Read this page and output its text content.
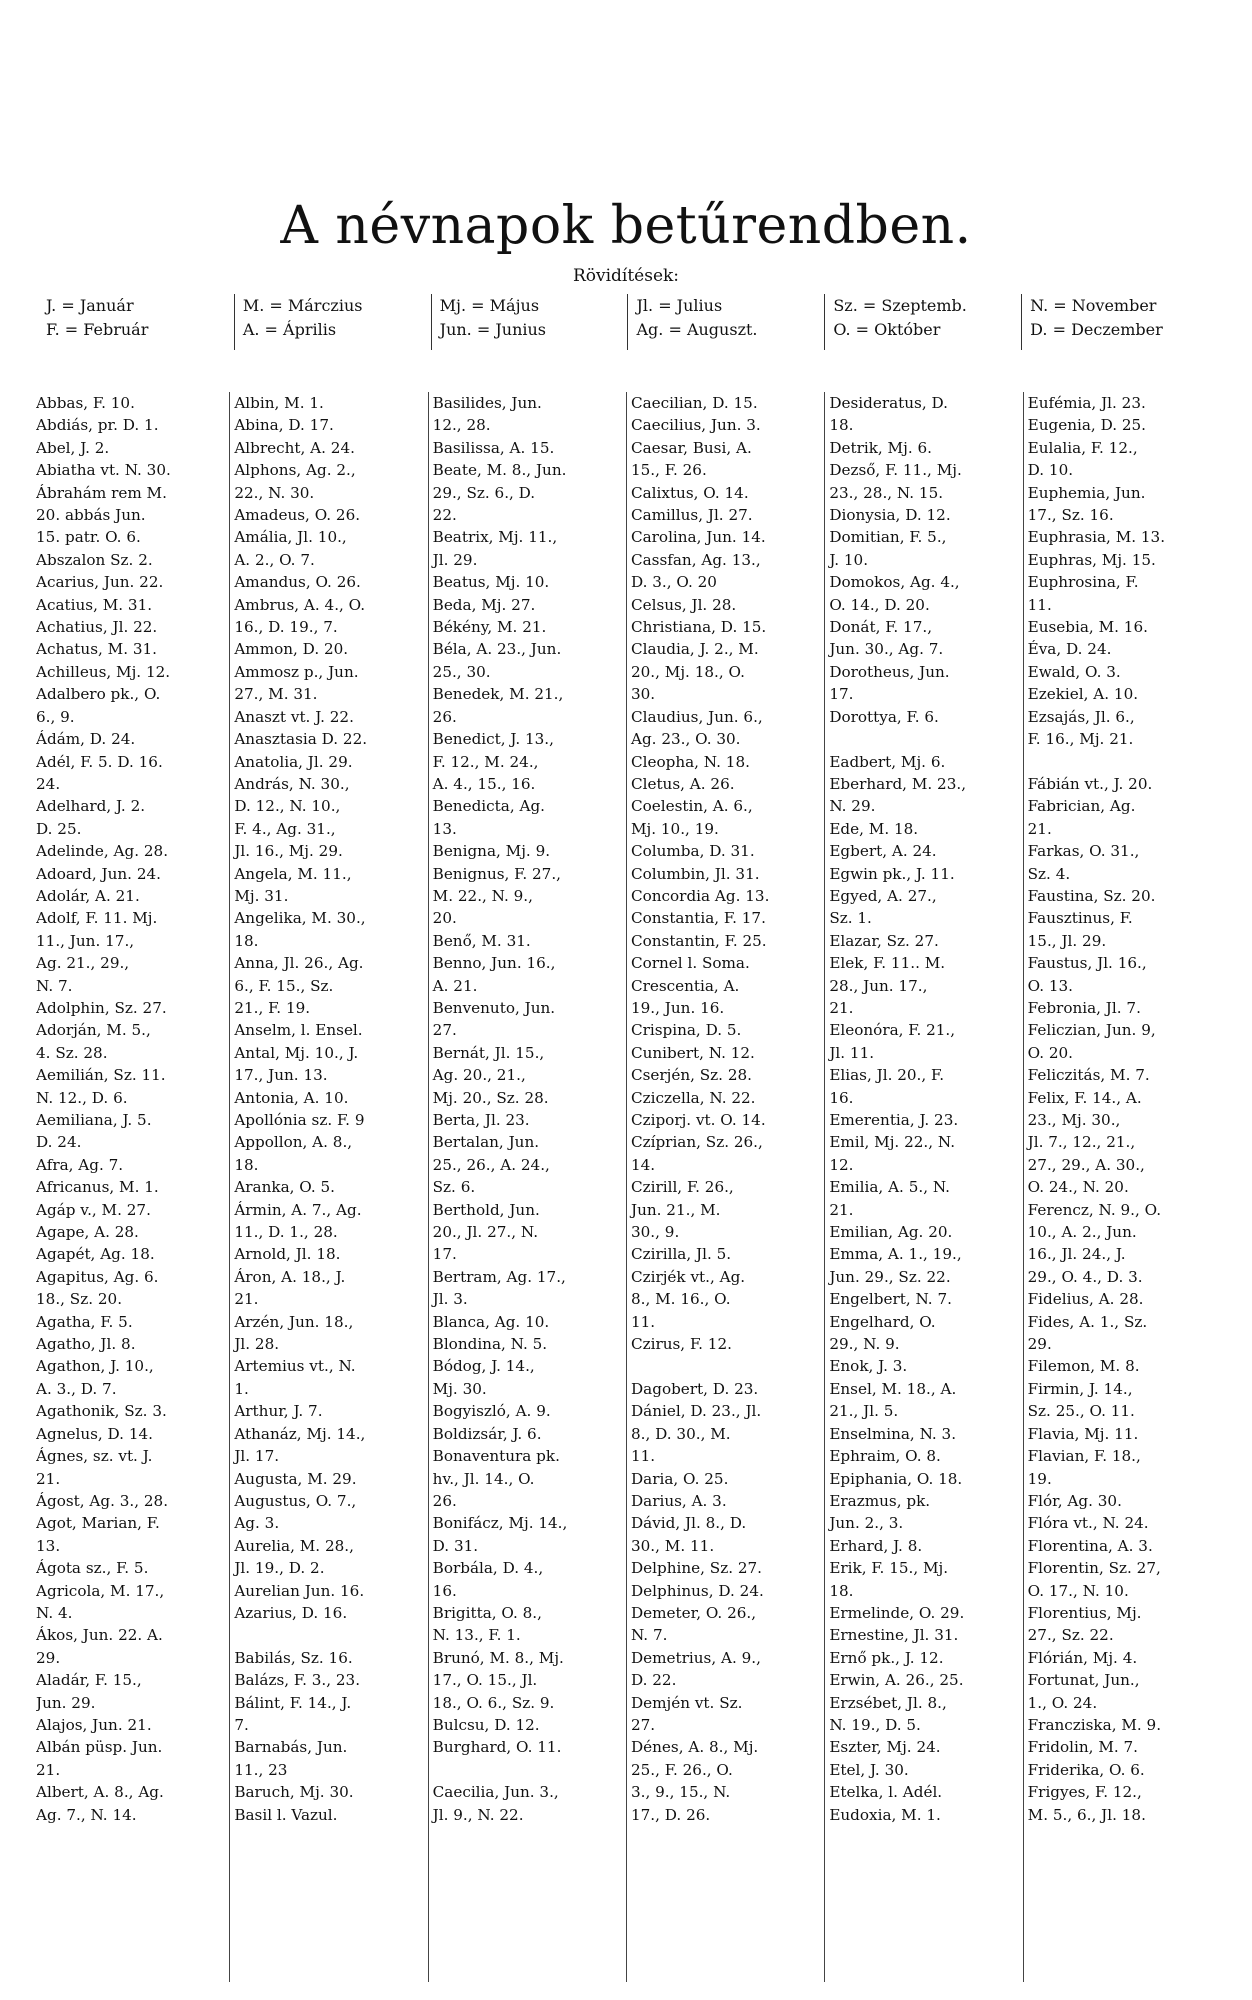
A névnapok betűrendben.
Rövidítések:
J. = Január
F. = Február
M. = Márczius
A. = Április
Mj. = Május
Jun. = Junius
Jl. = Julius
Ag. = Auguszt.
Sz. = Szeptemb.
O. = Október
N. = November
D. = Deczember
Abbas, F. 10.
Abdiás, pr. D. 1.
Abel, J. 2.
Abiatha vt. N. 30.
Ábrahám rem M.
20. abbás Jun.
15. patr. O. 6.
Abszalon Sz. 2.
Acarius, Jun. 22.
Acatius, M. 31.
Achatius, Jl. 22.
Achatus, M. 31.
Achilleus, Mj. 12.
Adalbero pk., O.
6., 9.
Ádám, D. 24.
Adél, F. 5. D. 16.
24.
Adelhard, J. 2.
D. 25.
Adelinde, Ag. 28.
Adoard, Jun. 24.
Adolár, A. 21.
Adolf, F. 11. Mj.
11., Jun. 17.,
Ag. 21., 29.,
N. 7.
Adolphin, Sz. 27.
Adorján, M. 5.,
4. Sz. 28.
Aemilián, Sz. 11.
N. 12., D. 6.
Aemiliana, J. 5.
D. 24.
Afra, Ag. 7.
Africanus, M. 1.
Agáp v., M. 27.
Agape, A. 28.
Agapét, Ag. 18.
Agapitus, Ag. 6.
18., Sz. 20.
Agatha, F. 5.
Agatho, Jl. 8.
Agathon, J. 10.,
A. 3., D. 7.
Agathonik, Sz. 3.
Agnelus, D. 14.
Ágnes, sz. vt. J.
21.
Ágost, Ag. 3., 28.
Agot, Marian, F.
13.
Ágota sz., F. 5.
Agricola, M. 17.,
N. 4.
Ákos, Jun. 22. A.
29.
Aladár, F. 15.,
Jun. 29.
Alajos, Jun. 21.
Albán püsp. Jun.
21.
Albert, A. 8., Ag.
Ag. 7., N. 14.
Albin, M. 1.
Abina, D. 17.
Albrecht, A. 24.
Alphons, Ag. 2.,
22., N. 30.
Amadeus, O. 26.
Amália, Jl. 10.,
A. 2., O. 7.
Amandus, O. 26.
Ambrus, A. 4., O.
16., D. 19., 7.
Ammon, D. 20.
Ammosz p., Jun.
27., M. 31.
Anaszt vt. J. 22.
Anasztasia D. 22.
Anatolia, Jl. 29.
András, N. 30.,
D. 12., N. 10.,
F. 4., Ag. 31.,
Jl. 16., Mj. 29.
Angela, M. 11.,
Mj. 31.
Angelika, M. 30.,
18.
Anna, Jl. 26., Ag.
6., F. 15., Sz.
21., F. 19.
Anselm, l. Ensel.
Antal, Mj. 10., J.
17., Jun. 13.
Antonia, A. 10.
Apollónia sz. F. 9
Appollon, A. 8.,
18.
Aranka, O. 5.
Ármin, A. 7., Ag.
11., D. 1., 28.
Arnold, Jl. 18.
Áron, A. 18., J.
21.
Arzén, Jun. 18.,
Jl. 28.
Artemius vt., N.
1.
Arthur, J. 7.
Athanáz, Mj. 14.,
Jl. 17.
Augusta, M. 29.
Augustus, O. 7.,
Ag. 3.
Aurelia, M. 28.,
Jl. 19., D. 2.
Aurelian Jun. 16.
Azarius, D. 16.

Babilás, Sz. 16.
Balázs, F. 3., 23.
Bálint, F. 14., J.
7.
Barnabás, Jun.
11., 23
Baruch, Mj. 30.
Basil l. Vazul.
Basilides, Jun.
12., 28.
Basilissa, A. 15.
Beate, M. 8., Jun.
29., Sz. 6., D.
22.
Beatrix, Mj. 11.,
Jl. 29.
Beatus, Mj. 10.
Beda, Mj. 27.
Békény, M. 21.
Béla, A. 23., Jun.
25., 30.
Benedek, M. 21.,
26.
Benedict, J. 13.,
F. 12., M. 24.,
A. 4., 15., 16.
Benedicta, Ag.
13.
Benigna, Mj. 9.
Benignus, F. 27.,
M. 22., N. 9.,
20.
Benő, M. 31.
Benno, Jun. 16.,
A. 21.
Benvenuto, Jun.
27.
Bernát, Jl. 15.,
Ag. 20., 21.,
Mj. 20., Sz. 28.
Berta, Jl. 23.
Bertalan, Jun.
25., 26., A. 24.,
Sz. 6.
Berthold, Jun.
20., Jl. 27., N.
17.
Bertram, Ag. 17.,
Jl. 3.
Blanca, Ag. 10.
Blondina, N. 5.
Bódog, J. 14.,
Mj. 30.
Bogyiszló, A. 9.
Boldizsár, J. 6.
Bonaventura pk.
hv., Jl. 14., O.
26.
Bonifácz, Mj. 14.,
D. 31.
Borbála, D. 4.,
16.
Brigitta, O. 8.,
N. 13., F. 1.
Brunó, M. 8., Mj.
17., O. 15., Jl.
18., O. 6., Sz. 9.
Bulcsu, D. 12.
Burghard, O. 11.

Caecilia, Jun. 3.,
Jl. 9., N. 22.
Caecilian, D. 15.
Caecilius, Jun. 3.
Caesar, Busi, A.
15., F. 26.
Calixtus, O. 14.
Camillus, Jl. 27.
Carolina, Jun. 14.
Cassfan, Ag. 13.,
D. 3., O. 20
Celsus, Jl. 28.
Christiana, D. 15.
Claudia, J. 2., M.
20., Mj. 18., O.
30.
Claudius, Jun. 6.,
Ag. 23., O. 30.
Cleopha, N. 18.
Cletus, A. 26.
Coelestin, A. 6.,
Mj. 10., 19.
Columba, D. 31.
Columbin, Jl. 31.
Concordia Ag. 13.
Constantia, F. 17.
Constantin, F. 25.
Cornel l. Soma.
Crescentia, A.
19., Jun. 16.
Crispina, D. 5.
Cunibert, N. 12.
Cserjén, Sz. 28.
Cziczella, N. 22.
Cziporj. vt. O. 14.
Czíprian, Sz. 26.,
14.
Czirill, F. 26.,
Jun. 21., M.
30., 9.
Czirilla, Jl. 5.
Czirjék vt., Ag.
8., M. 16., O.
11.
Czirus, F. 12.

Dagobert, D. 23.
Dániel, D. 23., Jl.
8., D. 30., M.
11.
Daria, O. 25.
Darius, A. 3.
Dávid, Jl. 8., D.
30., M. 11.
Delphine, Sz. 27.
Delphinus, D. 24.
Demeter, O. 26.,
N. 7.
Demetrius, A. 9.,
D. 22.
Demjén vt. Sz.
27.
Dénes, A. 8., Mj.
25., F. 26., O.
3., 9., 15., N.
17., D. 26.
Desideratus, D.
18.
Detrik, Mj. 6.
Dezső, F. 11., Mj.
23., 28., N. 15.
Dionysia, D. 12.
Domitian, F. 5.,
J. 10.
Domokos, Ag. 4.,
O. 14., D. 20.
Donát, F. 17.,
Jun. 30., Ag. 7.
Dorotheus, Jun.
17.
Dorottya, F. 6.

Eadbert, Mj. 6.
Eberhard, M. 23.,
N. 29.
Ede, M. 18.
Egbert, A. 24.
Egwin pk., J. 11.
Egyed, A. 27.,
Sz. 1.
Elazar, Sz. 27.
Elek, F. 11.. M.
28., Jun. 17.,
21.
Eleonóra, F. 21.,
Jl. 11.
Elias, Jl. 20., F.
16.
Emerentia, J. 23.
Emil, Mj. 22., N.
12.
Emilia, A. 5., N.
21.
Emilian, Ag. 20.
Emma, A. 1., 19.,
Jun. 29., Sz. 22.
Engelbert, N. 7.
Engelhard, O.
29., N. 9.
Enok, J. 3.
Ensel, M. 18., A.
21., Jl. 5.
Enselmina, N. 3.
Ephraim, O. 8.
Epiphania, O. 18.
Erazmus, pk.
Jun. 2., 3.
Erhard, J. 8.
Erik, F. 15., Mj.
18.
Ermelinde, O. 29.
Ernestine, Jl. 31.
Ernő pk., J. 12.
Erwin, A. 26., 25.
Erzsébet, Jl. 8.,
N. 19., D. 5.
Eszter, Mj. 24.
Etel, J. 30.
Etelka, l. Adél.
Eudoxia, M. 1.
Eufémia, Jl. 23.
Eugenia, D. 25.
Eulalia, F. 12.,
D. 10.
Euphemia, Jun.
17., Sz. 16.
Euphrasia, M. 13.
Euphras, Mj. 15.
Euphrosina, F.
11.
Eusebia, M. 16.
Éva, D. 24.
Ewald, O. 3.
Ezekiel, A. 10.
Ezsajás, Jl. 6.,
F. 16., Mj. 21.

Fábián vt., J. 20.
Fabrician, Ag.
21.
Farkas, O. 31.,
Sz. 4.
Faustina, Sz. 20.
Fausztinus, F.
15., Jl. 29.
Faustus, Jl. 16.,
O. 13.
Febronia, Jl. 7.
Feliczian, Jun. 9,
O. 20.
Feliczitás, M. 7.
Felix, F. 14., A.
23., Mj. 30.,
Jl. 7., 12., 21.,
27., 29., A. 30.,
O. 24., N. 20.
Ferencz, N. 9., O.
10., A. 2., Jun.
16., Jl. 24., J.
29., O. 4., D. 3.
Fidelius, A. 28.
Fides, A. 1., Sz.
29.
Filemon, M. 8.
Firmin, J. 14.,
Sz. 25., O. 11.
Flavia, Mj. 11.
Flavian, F. 18.,
19.
Flór, Ag. 30.
Flóra vt., N. 24.
Florentina, A. 3.
Florentin, Sz. 27,
O. 17., N. 10.
Florentius, Mj.
27., Sz. 22.
Flórián, Mj. 4.
Fortunat, Jun.,
1., O. 24.
Francziska, M. 9.
Fridolin, M. 7.
Friderika, O. 6.
Frigyes, F. 12.,
M. 5., 6., Jl. 18.
